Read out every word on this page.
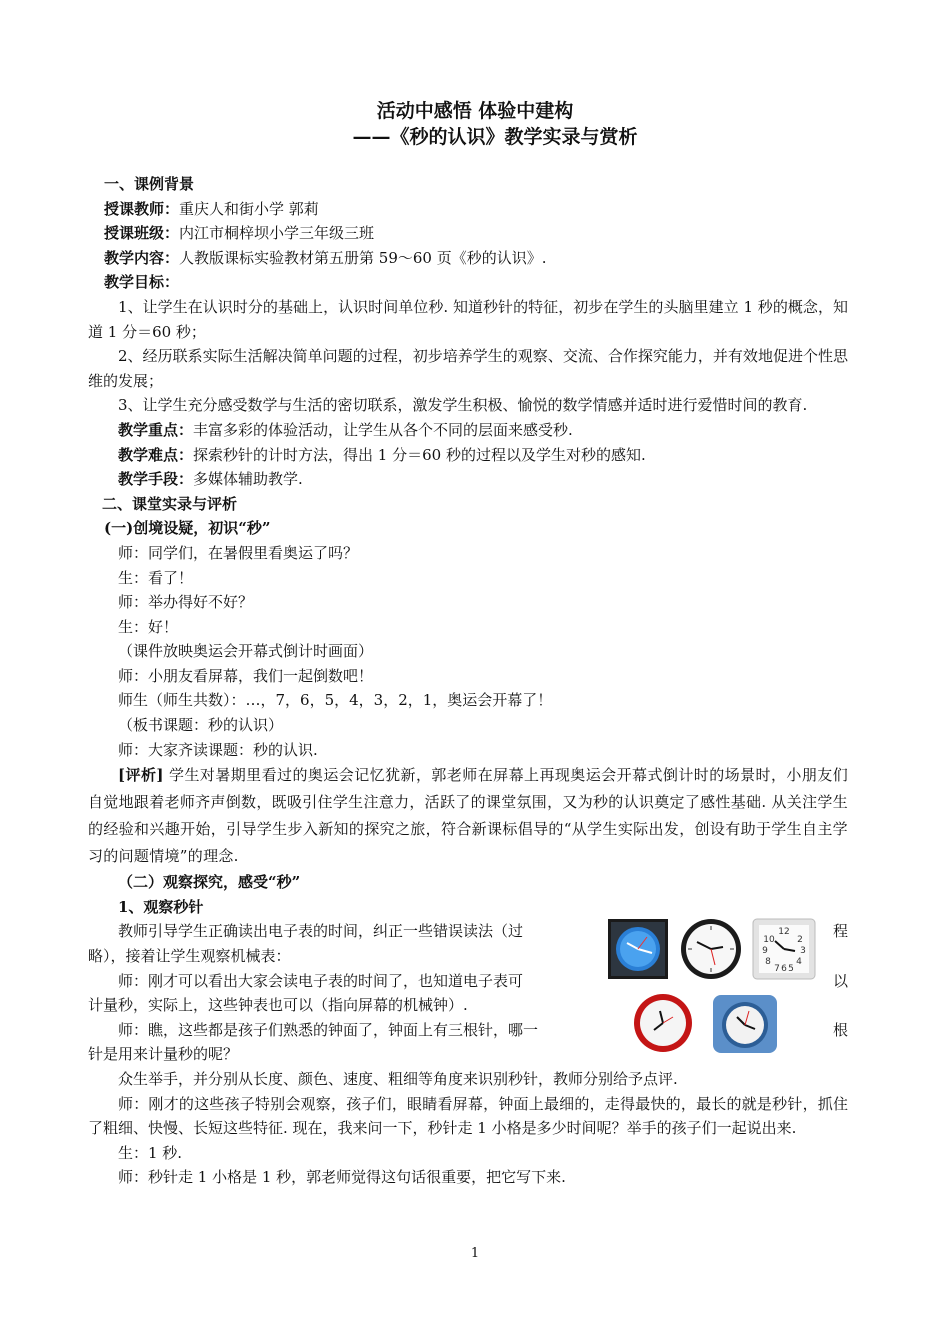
活动中感悟 体验中建构
——《秒的认识》教学实录与赏析

一、课例背景

授课教师：重庆人和街小学 郭莉

授课班级：内江市桐梓坝小学三年级三班

教学内容：人教版课标实验教材第五册第 59～60 页《秒的认识》.

教学目标：

1、让学生在认识时分的基础上，认识时间单位秒. 知道秒针的特征，初步在学生的头脑里建立 1 秒的概念，知道 1 分＝60 秒；

2、经历联系实际生活解决简单问题的过程，初步培养学生的观察、交流、合作探究能力，并有效地促进个性思维的发展；

3、让学生充分感受数学与生活的密切联系，激发学生积极、愉悦的数学情感并适时进行爱惜时间的教育.

教学重点：丰富多彩的体验活动，让学生从各个不同的层面来感受秒.

教学难点：探索秒针的计时方法，得出 1 分＝60 秒的过程以及学生对秒的感知.

教学手段：多媒体辅助教学.

二、课堂实录与评析

(一)创境设疑，初识“秒”

师：同学们，在暑假里看奥运了吗？

生：看了！

师：举办得好不好？

生：好！

（课件放映奥运会开幕式倒计时画面）

师：小朋友看屏幕，我们一起倒数吧！

师生（师生共数）：…，7，6，5，4，3，2，1，奥运会开幕了！

（板书课题：秒的认识）

师：大家齐读课题：秒的认识.

[评析] 学生对暑期里看过的奥运会记忆犹新，郭老师在屏幕上再现奥运会开幕式倒计时的场景时，小朋友们自觉地跟着老师齐声倒数，既吸引住学生注意力，活跃了的课堂氛围，又为秒的认识奠定了感性基础. 从关注学生的经验和兴趣开始，引导学生步入新知的探究之旅，符合新课标倡导的“从学生实际出发，创设有助于学生自主学习的问题情境”的理念.

（二）观察探究，感受“秒”

1、观察秒针

教师引导学生正确读出电子表的时间，纠正一些错误读法（过	程

略），接着让学生观察机械表：

师：刚才可以看出大家会读电子表的时间了，也知道电子表可	以

计量秒，实际上，这些钟表也可以（指向屏幕的机械钟）.

师：瞧，这些都是孩子们熟悉的钟面了，钟面上有三根针，哪一	根

针是用来计量秒的呢？

12
3
6
9
10 2
4
5
7
8

众生举手，并分别从长度、颜色、速度、粗细等角度来识别秒针，教师分别给予点评.

师：刚才的这些孩子特别会观察，孩子们，眼睛看屏幕，钟面上最细的，走得最快的，最长的就是秒针，抓住了粗细、快慢、长短这些特征. 现在，我来问一下，秒针走 1 小格是多少时间呢？举手的孩子们一起说出来.

生：1 秒.

师：秒针走 1 小格是 1 秒，郭老师觉得这句话很重要，把它写下来.

1
